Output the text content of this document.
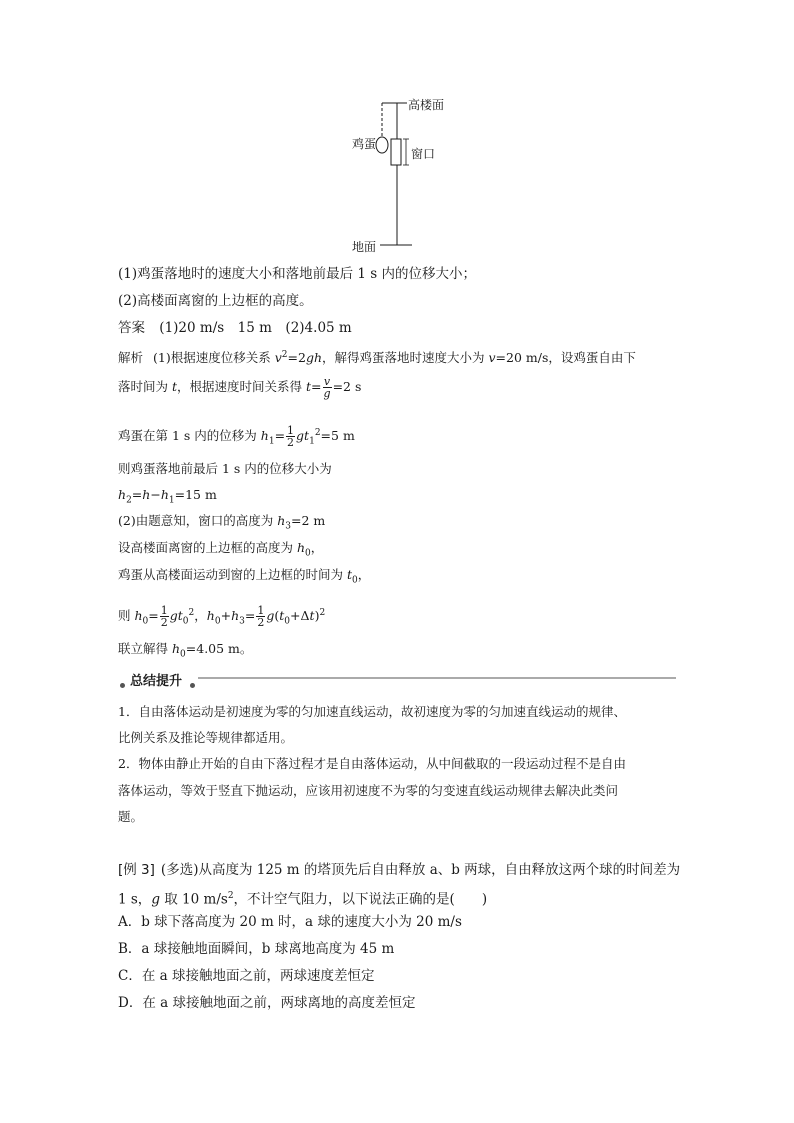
高楼面
鸡蛋
窗口
地面
(1)鸡蛋落地时的速度大小和落地前最后 1 s 内的位移大小；
(2)高楼面离窗的上边框的高度。
答案 (1)20 m/s　15 m　(2)4.05 m
解析 (1)根据速度位移关系 $v^2=2gh$，解得鸡蛋落地时速度大小为 v=20 m/s，设鸡蛋自由下
落时间为 t，根据速度时间关系得 $t= \frac{v}{g} =2$ s
鸡蛋在第 1 s 内的位移为 $h_1= \frac{1}{2} gt_1^2=5$ m
则鸡蛋落地前最后 1 s 内的位移大小为
$h_2=h-h_1=15$ m
(2)由题意知，窗口的高度为 $h_3=2$ m
设高楼面离窗的上边框的高度为 $h_0$，
鸡蛋从高楼面运动到窗的上边框的时间为 $t_0$，
则 $h_0= \frac{1}{2} gt_0^2$，$h_0+h_3= \frac{1}{2} g(t_0+\Delta t)^2$
联立解得 $h_0=4.05$ m。
总结提升
1．自由落体运动是初速度为零的匀加速直线运动，故初速度为零的匀加速直线运动的规律、
比例关系及推论等规律都适用。
2．物体由静止开始的自由下落过程才是自由落体运动，从中间截取的一段运动过程不是自由
落体运动，等效于竖直下抛运动，应该用初速度不为零的匀变速直线运动规律去解决此类问
题。
[例 3] (多选)从高度为 125 m 的塔顶先后自由释放 a、b 两球，自由释放这两个球的时间差为
1 s，g 取 10 $m/s^2$，不计空气阻力，以下说法正确的是(　　)
A．b 球下落高度为 20 m 时，a 球的速度大小为 20 m/s
B．a 球接触地面瞬间，b 球离地高度为 45 m
C．在 a 球接触地面之前，两球速度差恒定
D．在 a 球接触地面之前，两球离地的高度差恒定
